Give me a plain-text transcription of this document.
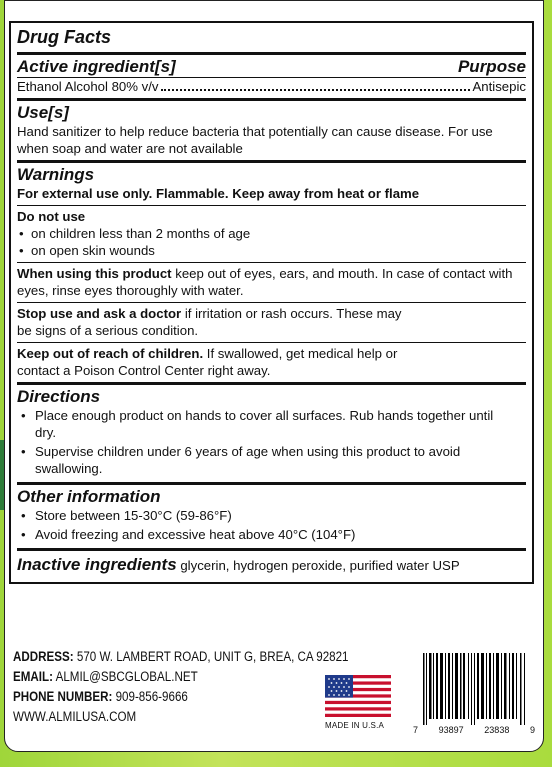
Drug Facts
Active ingredient[s]	Purpose
Ethanol Alcohol 80% v/v	Antisepic
Use[s]

Hand sanitizer to help reduce bacteria that potentially can cause disease. For use when soap and water are not available

Warnings

For external use only. Flammable. Keep away from heat or flame

Do not use

• on children less than 2 months of age
• on open skin wounds

When using this product keep out of eyes, ears, and mouth. In case of contact with eyes, rinse eyes thoroughly with water.

Stop use and ask a doctor if irritation or rash occurs. These may be signs of a serious condition.

Keep out of reach of children. If swallowed, get medical help or contact a Poison Control Center right away.

Directions
• Place enough product on hands to cover all surfaces. Rub hands together until dry.
• Supervise children under 6 years of age when using this product to avoid swallowing.
Other information
• Store between 15-30°C (59-86°F)
• Avoid freezing and excessive heat above 40°C (104°F)

Inactive ingredients glycerin, hydrogen peroxide, purified water USP

ADDRESS: 570 W. LAMBERT ROAD, UNIT G, BREA, CA 92821
EMAIL: ALMIL@SBCGLOBAL.NET
PHONE NUMBER: 909-856-9666
WWW.ALMILUSA.COM
MADE IN U.S.A	7 93897 23838 9
